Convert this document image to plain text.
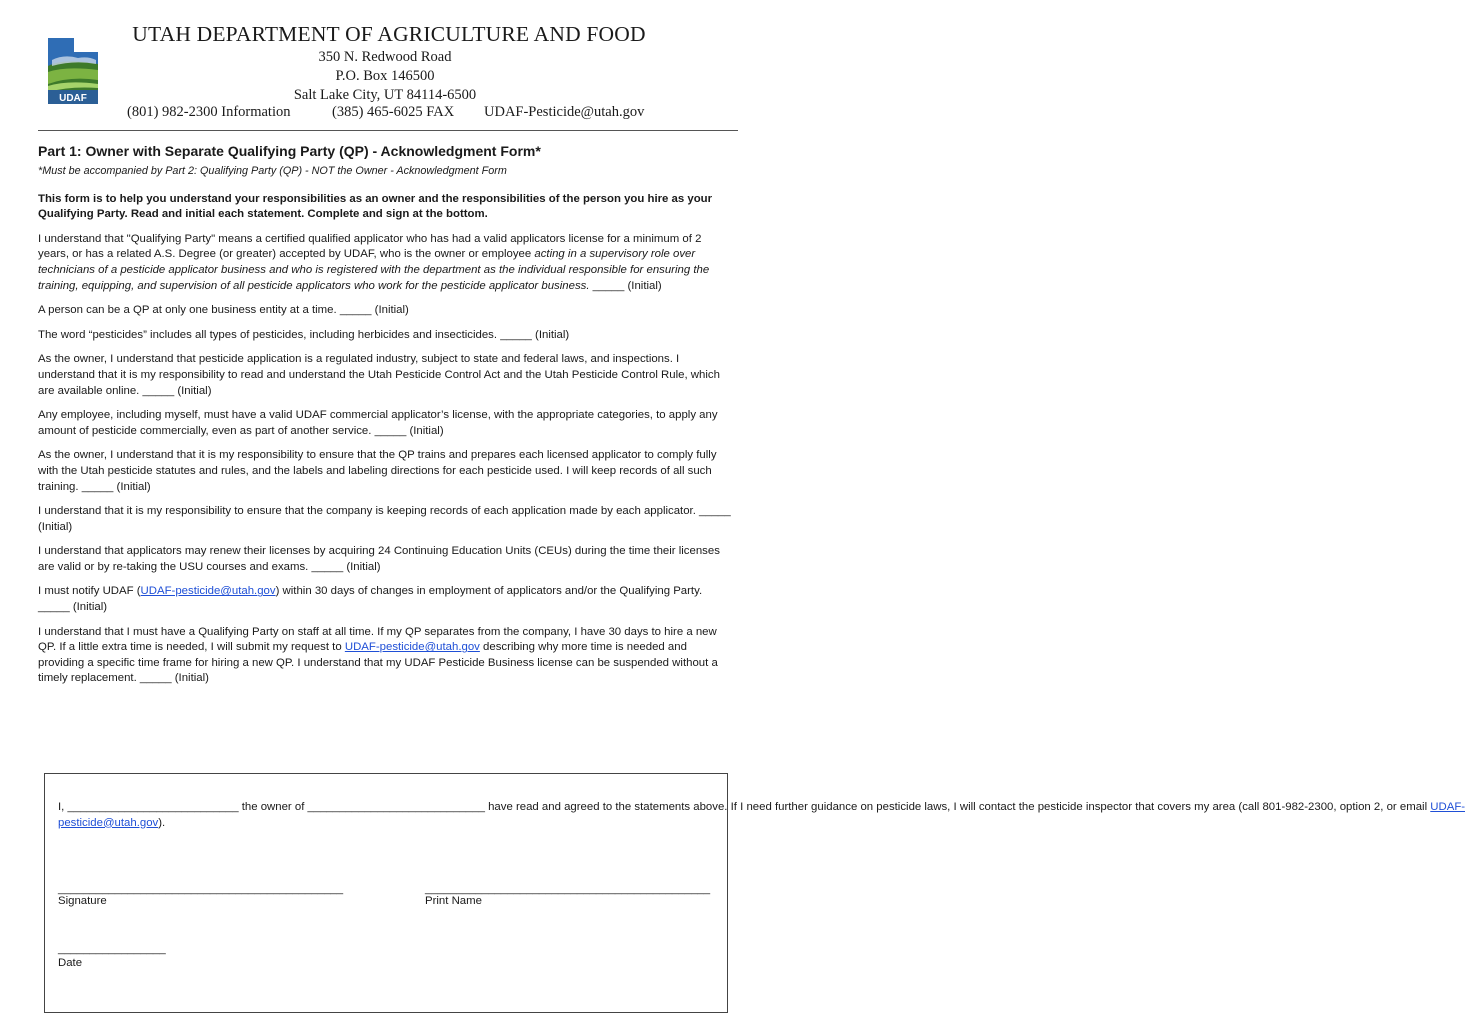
UDAF
UTAH DEPARTMENT OF AGRICULTURE AND FOOD
350 N. Redwood Road
P.O. Box 146500
Salt Lake City, UT 84114-6500
(801) 982-2300 Information	(385) 465-6025 FAX UDAF-Pesticide@utah.gov

Part 1: Owner with Separate Qualifying Party (QP) - Acknowledgment Form*

*Must be accompanied by Part 2: Qualifying Party (QP) - NOT the Owner - Acknowledgment Form

This form is to help you understand your responsibilities as an owner and the responsibilities of the person you hire as your Qualifying Party. Read and initial each statement. Complete and sign at the bottom.

I understand that "Qualifying Party" means a certified qualified applicator who has had a valid applicators license for a minimum of 2 years, or has a related A.S. Degree (or greater) accepted by UDAF, who is the owner or employee acting in a supervisory role over technicians of a pesticide applicator business and who is registered with the department as the individual responsible for ensuring the training, equipping, and supervision of all pesticide applicators who work for the pesticide applicator business. _____ (Initial)

A person can be a QP at only one business entity at a time. _____ (Initial)

The word “pesticides” includes all types of pesticides, including herbicides and insecticides. _____ (Initial)

As the owner, I understand that pesticide application is a regulated industry, subject to state and federal laws, and inspections. I understand that it is my responsibility to read and understand the Utah Pesticide Control Act and the Utah Pesticide Control Rule, which are available online. _____ (Initial)

Any employee, including myself, must have a valid UDAF commercial applicator’s license, with the appropriate categories, to apply any amount of pesticide commercially, even as part of another service. _____ (Initial)

As the owner, I understand that it is my responsibility to ensure that the QP trains and prepares each licensed applicator to comply fully with the Utah pesticide statutes and rules, and the labels and labeling directions for each pesticide used. I will keep records of all such training. _____ (Initial)

I understand that it is my responsibility to ensure that the company is keeping records of each application made by each applicator. _____ (Initial)

I understand that applicators may renew their licenses by acquiring 24 Continuing Education Units (CEUs) during the time their licenses are valid or by re-taking the USU courses and exams. _____ (Initial)

I must notify UDAF (UDAF-pesticide@utah.gov) within 30 days of changes in employment of applicators and/or the Qualifying Party. _____ (Initial)

I understand that I must have a Qualifying Party on staff at all time. If my QP separates from the company, I have 30 days to hire a new QP. If a little extra time is needed, I will submit my request to UDAF-pesticide@utah.gov describing why more time is needed and providing a specific time frame for hiring a new QP. I understand that my UDAF Pesticide Business license can be suspended without a timely replacement. _____ (Initial)

I, ___________________________ the owner of ____________________________ have read and agreed to the statements above. If I need further guidance on pesticide laws, I will contact the pesticide inspector that covers my area (call 801-982-2300, option 2, or email UDAF-pesticide@utah.gov).

_____________________________________________
Signature
_____________________________________________
Print Name
_________________
Date
